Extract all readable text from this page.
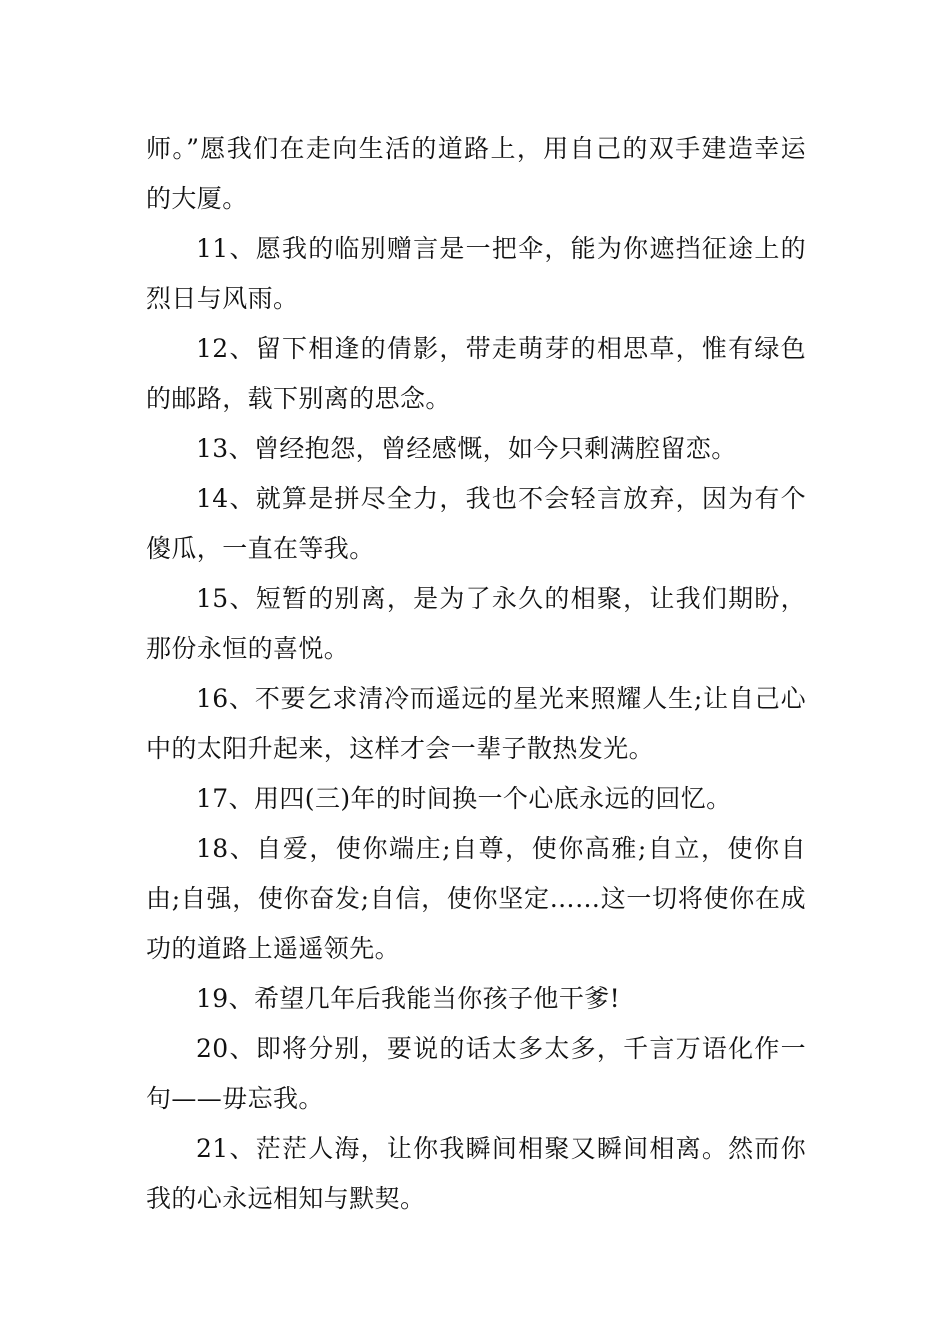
师。”愿我们在走向生活的道路上，用自己的双手建造幸运的大厦。

11、愿我的临别赠言是一把伞，能为你遮挡征途上的烈日与风雨。

12、留下相逢的倩影，带走萌芽的相思草，惟有绿色的邮路，载下别离的思念。

13、曾经抱怨，曾经感慨，如今只剩满腔留恋。

14、就算是拼尽全力，我也不会轻言放弃，因为有个傻瓜，一直在等我。

15、短暂的别离，是为了永久的相聚，让我们期盼，那份永恒的喜悦。

16、不要乞求清冷而遥远的星光来照耀人生;让自己心中的太阳升起来，这样才会一辈子散热发光。

17、用四(三)年的时间换一个心底永远的回忆。

18、自爱，使你端庄;自尊，使你高雅;自立，使你自由;自强，使你奋发;自信，使你坚定……这一切将使你在成功的道路上遥遥领先。

19、希望几年后我能当你孩子他干爹!

20、即将分别，要说的话太多太多，千言万语化作一句——毋忘我。

21、茫茫人海，让你我瞬间相聚又瞬间相离。然而你我的心永远相知与默契。
